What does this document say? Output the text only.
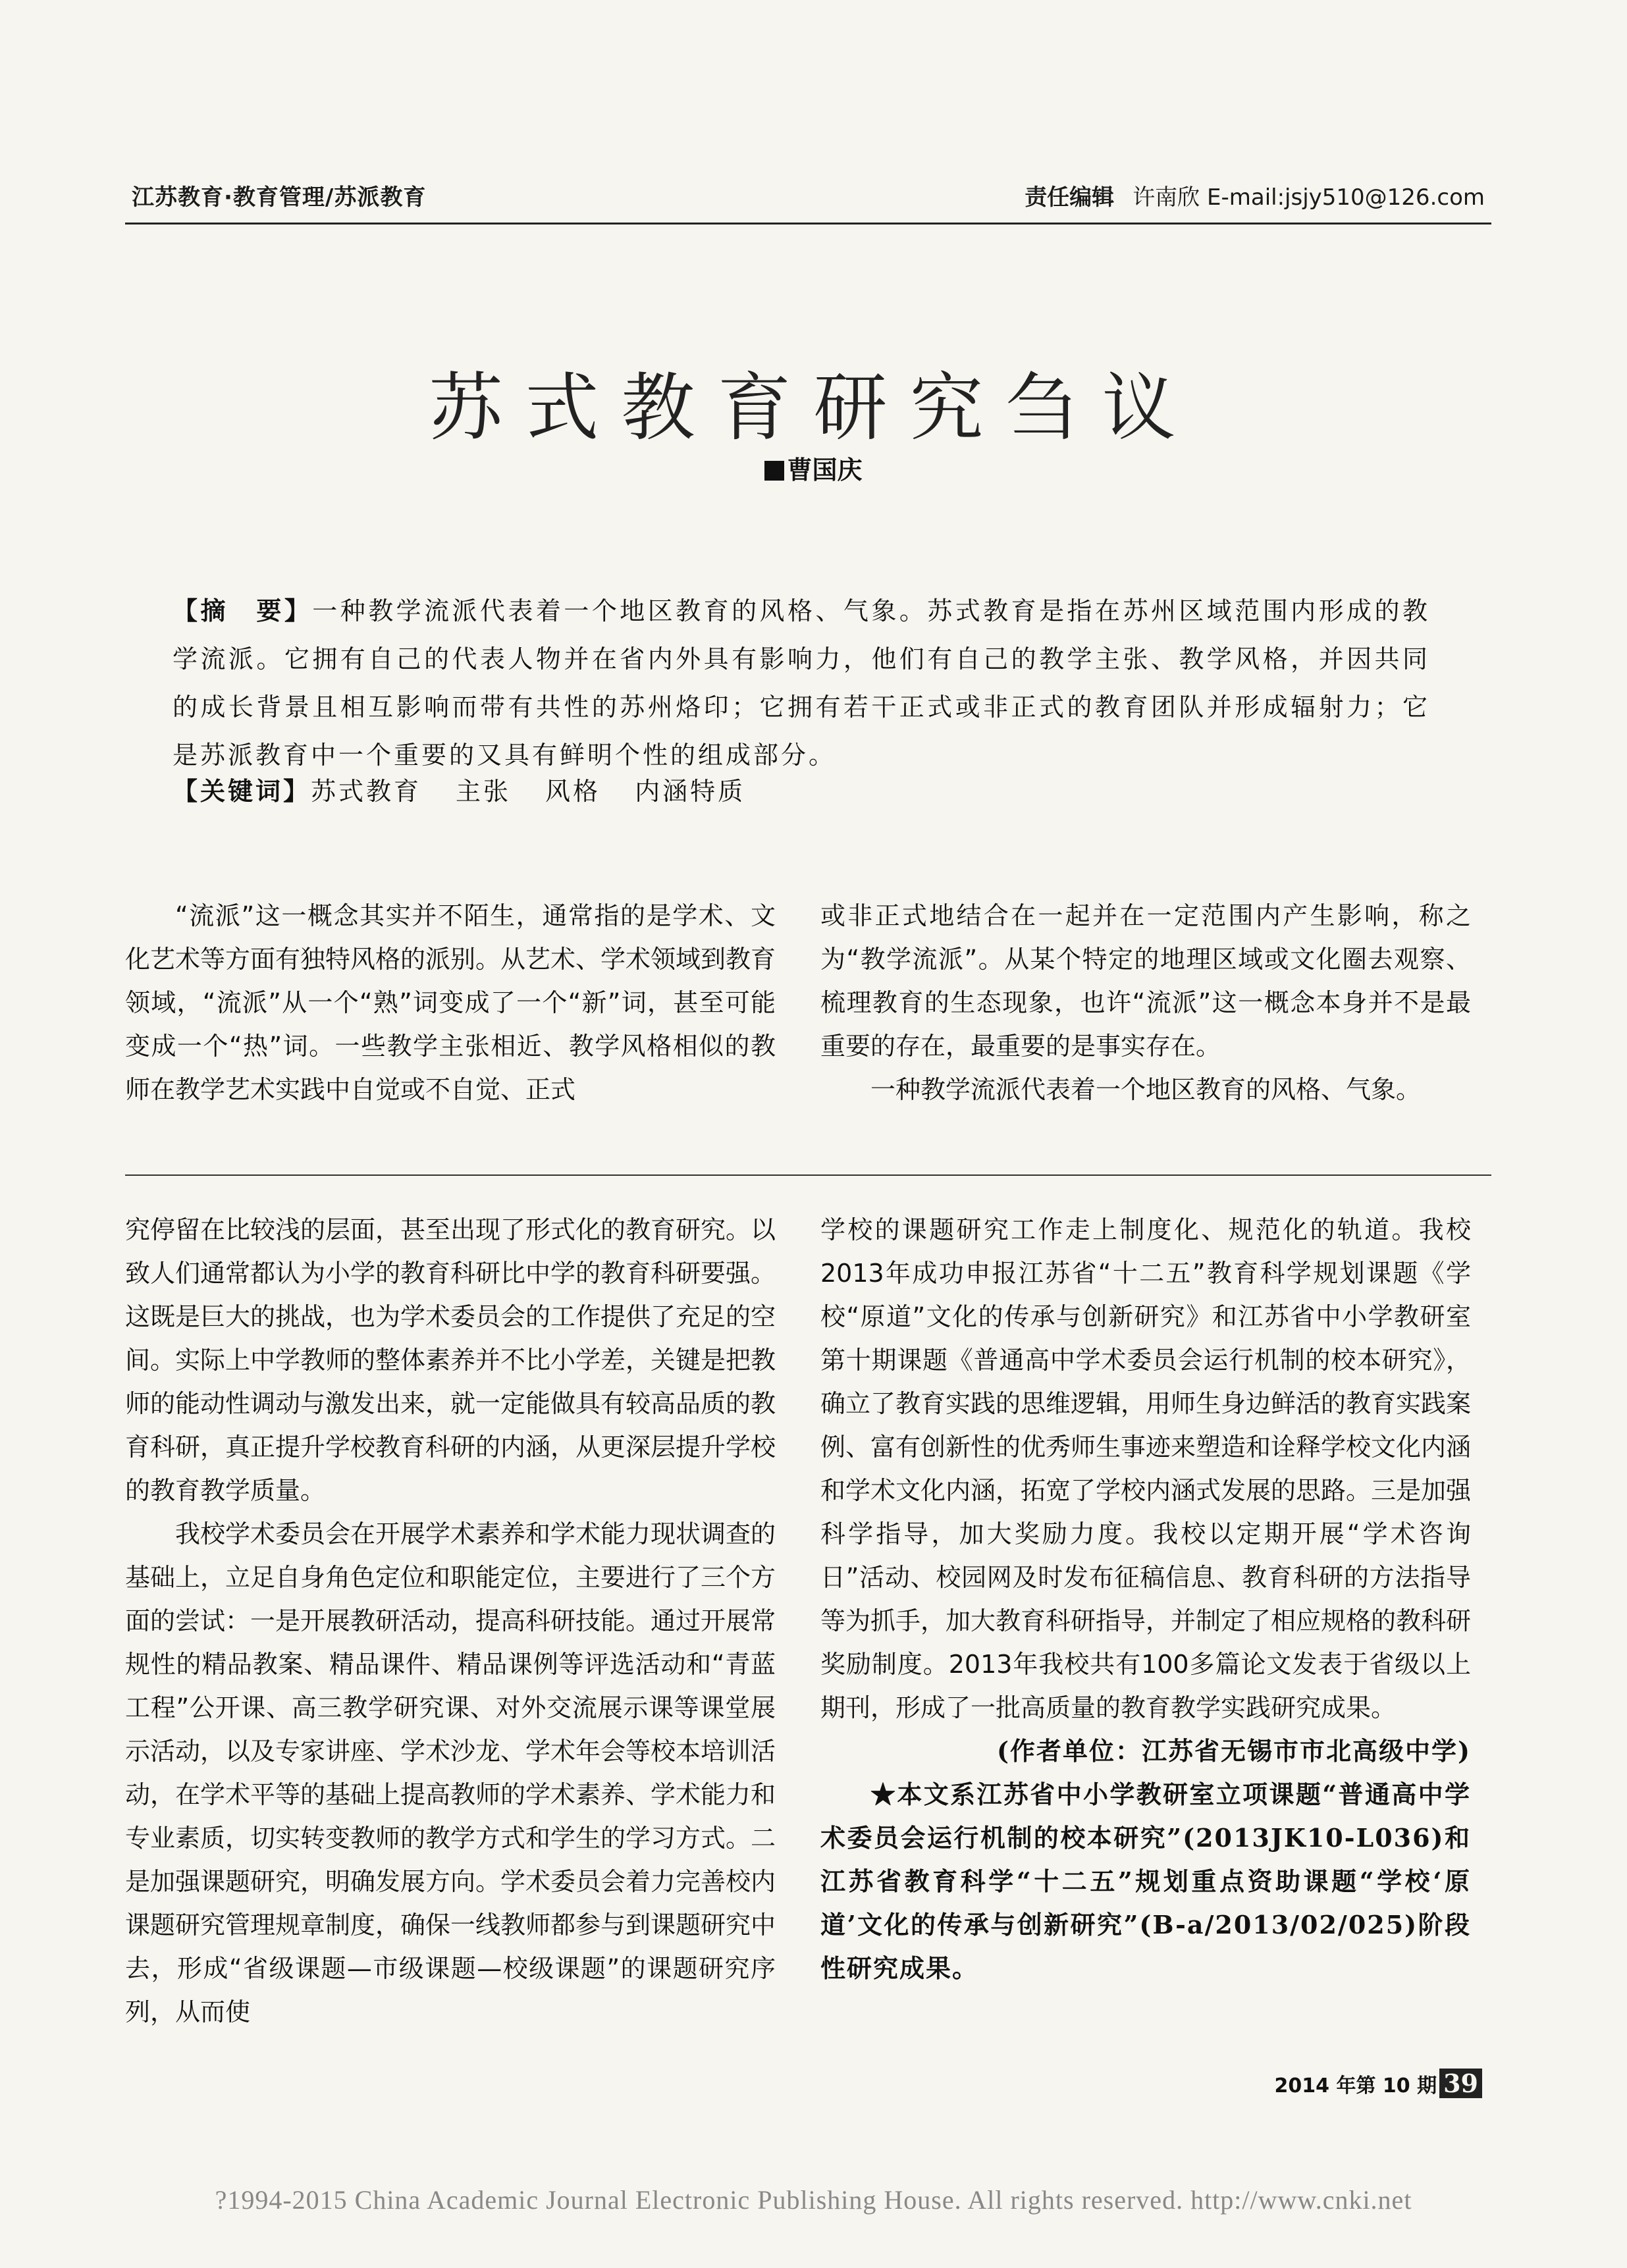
江苏教育·教育管理/苏派教育	责任编辑 许南欣 E-mail:jsjy510@126.com
苏式教育研究刍议
曹国庆
【摘　要】一种教学流派代表着一个地区教育的风格、气象。苏式教育是指在苏州区域范围内形成的教学流派。它拥有自己的代表人物并在省内外具有影响力，他们有自己的教学主张、教学风格，并因共同的成长背景且相互影响而带有共性的苏州烙印；它拥有若干正式或非正式的教育团队并形成辐射力；它是苏派教育中一个重要的又具有鲜明个性的组成部分。
【关键词】苏式教育 主张 风格 内涵特质

“流派”这一概念其实并不陌生，通常指的是学术、文化艺术等方面有独特风格的派别。从艺术、学术领域到教育领域，“流派”从一个“熟”词变成了一个“新”词，甚至可能变成一个“热”词。一些教学主张相近、教学风格相似的教师在教学艺术实践中自觉或不自觉、正式

或非正式地结合在一起并在一定范围内产生影响，称之为“教学流派”。从某个特定的地理区域或文化圈去观察、梳理教育的生态现象，也许“流派”这一概念本身并不是最重要的存在，最重要的是事实存在。

一种教学流派代表着一个地区教育的风格、气象。

究停留在比较浅的层面，甚至出现了形式化的教育研究。以致人们通常都认为小学的教育科研比中学的教育科研要强。这既是巨大的挑战，也为学术委员会的工作提供了充足的空间。实际上中学教师的整体素养并不比小学差，关键是把教师的能动性调动与激发出来，就一定能做具有较高品质的教育科研，真正提升学校教育科研的内涵，从更深层提升学校的教育教学质量。

我校学术委员会在开展学术素养和学术能力现状调查的基础上，立足自身角色定位和职能定位，主要进行了三个方面的尝试：一是开展教研活动，提高科研技能。通过开展常规性的精品教案、精品课件、精品课例等评选活动和“青蓝工程”公开课、高三教学研究课、对外交流展示课等课堂展示活动，以及专家讲座、学术沙龙、学术年会等校本培训活动，在学术平等的基础上提高教师的学术素养、学术能力和专业素质，切实转变教师的教学方式和学生的学习方式。二是加强课题研究，明确发展方向。学术委员会着力完善校内课题研究管理规章制度，确保一线教师都参与到课题研究中去，形成“省级课题—市级课题—校级课题”的课题研究序列，从而使

学校的课题研究工作走上制度化、规范化的轨道。我校2013年成功申报江苏省“十二五”教育科学规划课题《学校“原道”文化的传承与创新研究》和江苏省中小学教研室第十期课题《普通高中学术委员会运行机制的校本研究》，确立了教育实践的思维逻辑，用师生身边鲜活的教育实践案例、富有创新性的优秀师生事迹来塑造和诠释学校文化内涵和学术文化内涵，拓宽了学校内涵式发展的思路。三是加强科学指导，加大奖励力度。我校以定期开展“学术咨询日”活动、校园网及时发布征稿信息、教育科研的方法指导等为抓手，加大教育科研指导，并制定了相应规格的教科研奖励制度。2013年我校共有100多篇论文发表于省级以上期刊，形成了一批高质量的教育教学实践研究成果。

(作者单位：江苏省无锡市市北高级中学)

★本文系江苏省中小学教研室立项课题“普通高中学术委员会运行机制的校本研究”(2013JK10-L036)和江苏省教育科学“十二五”规划重点资助课题“学校‘原道’文化的传承与创新研究”(B-a/2013/02/025)阶段性研究成果。

2014 年第 10 期 39
?1994-2015 China Academic Journal Electronic Publishing House. All rights reserved. http://www.cnki.net
